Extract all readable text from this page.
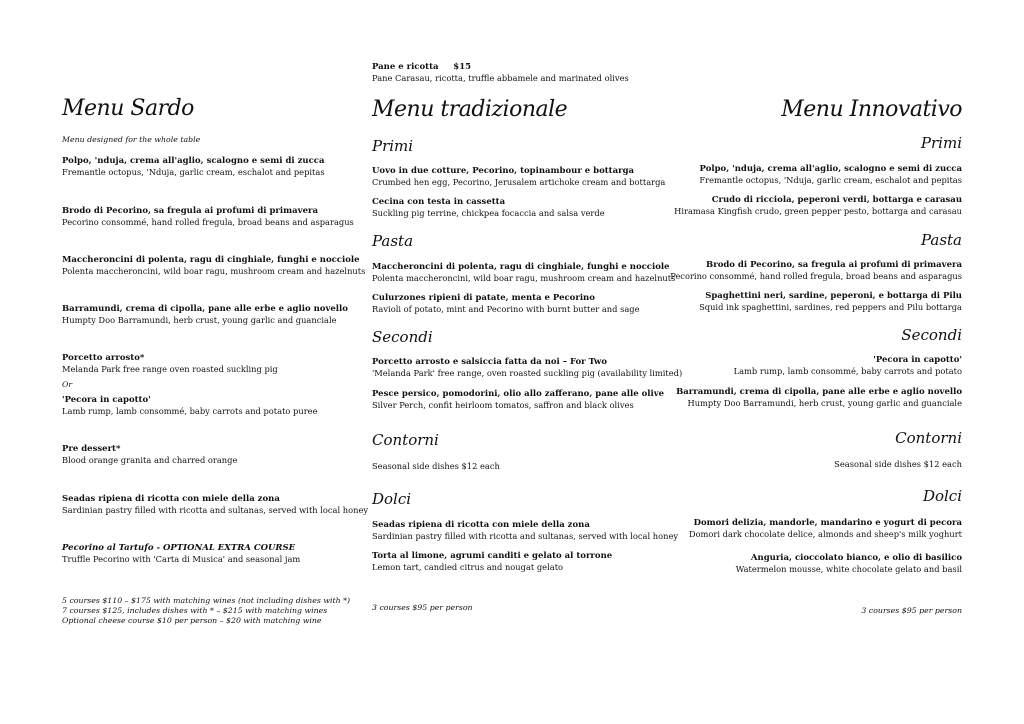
Menu Sardo
Menu designed for the whole table
Polpo, 'nduja, crema all'aglio, scalogno e semi di zucca
Fremantle octopus, 'Nduja, garlic cream, eschalot and pepitas
Brodo di Pecorino, sa fregula ai profumi di primavera
Pecorino consommé, hand rolled fregula, broad beans and asparagus
Maccheroncini di polenta, ragu di cinghiale, funghi e nocciole
Polenta maccheroncini, wild boar ragu, mushroom cream and hazelnuts
Barramundi, crema di cipolla, pane alle erbe e aglio novello
Humpty Doo Barramundi, herb crust, young garlic and guanciale
Porcetto arrosto*
Melanda Park free range oven roasted suckling pig
Or
'Pecora in capotto'
Lamb rump, lamb consommé, baby carrots and potato puree
Pre dessert*
Blood orange granita and charred orange
Seadas ripiena di ricotta con miele della zona
Sardinian pastry filled with ricotta and sultanas, served with local honey
Pecorino al Tartufo - OPTIONAL EXTRA COURSE
Truffle Pecorino with 'Carta di Musica' and seasonal jam
5 courses $110 – $175 with matching wines (not including dishes with *)
7 courses $125, includes dishes with * – $215 with matching wines
Optional cheese course $10 per person – $20 with matching wine
Pane e ricotta     $15
Pane Carasau, ricotta, truffle abbamele and marinated olives
Menu tradizionale
Primi
Uovo in due cotture, Pecorino, topinambour e bottarga
Crumbed hen egg, Pecorino, Jerusalem artichoke cream and bottarga
Cecina con testa in cassetta
Suckling pig terrine, chickpea focaccia and salsa verde
Pasta
Maccheroncini di polenta, ragu di cinghiale, funghi e nocciole
Polenta maccheroncini, wild boar ragu, mushroom cream and hazelnuts
Culurzones ripieni di patate, menta e Pecorino
Ravioli of potato, mint and Pecorino with burnt butter and sage
Secondi
Porcetto arrosto e salsiccia fatta da noi – For Two
'Melanda Park' free range, oven roasted suckling pig (availability limited)
Pesce persico, pomodorini, olio allo zafferano, pane alle olive
Silver Perch, confit heirloom tomatos, saffron and black olives
Contorni
Seasonal side dishes $12 each
Dolci
Seadas ripiena di ricotta con miele della zona
Sardinian pastry filled with ricotta and sultanas, served with local honey
Torta al limone, agrumi canditi e gelato al torrone
Lemon tart, candied citrus and nougat gelato
3 courses $95 per person
Menu Innovativo
Primi
Polpo, 'nduja, crema all'aglio, scalogno e semi di zucca
Fremantle octopus, 'Nduja, garlic cream, eschalot and pepitas
Crudo di ricciola, peperoni verdi, bottarga e carasau
Hiramasa Kingfish crudo, green pepper pesto, bottarga and carasau
Pasta
Brodo di Pecorino, sa fregula ai profumi di primavera
Pecorino consommé, hand rolled fregula, broad beans and asparagus
Spaghettini neri, sardine, peperoni, e bottarga di Pilu
Squid ink spaghettini, sardines, red peppers and Pilu bottarga
Secondi
'Pecora in capotto'
Lamb rump, lamb consommé, baby carrots and potato
Barramundi, crema di cipolla, pane alle erbe e aglio novello
Humpty Doo Barramundi, herb crust, young garlic and guanciale
Contorni
Seasonal side dishes $12 each
Dolci
Domori delizia, mandorle, mandarino e yogurt di pecora
Domori dark chocolate delice, almonds and sheep's milk yoghurt
Anguria, cioccolato bianco, e olio di basilico
Watermelon mousse, white chocolate gelato and basil
3 courses $95 per person
